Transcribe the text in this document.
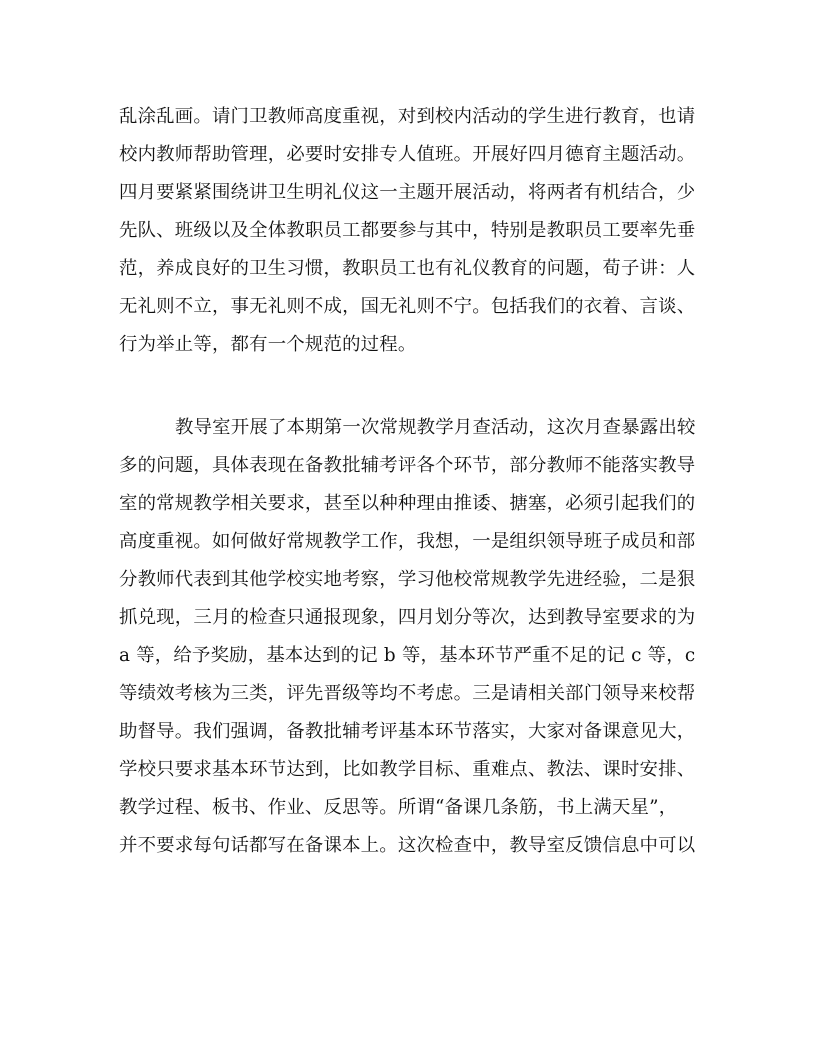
乱涂乱画。请门卫教师高度重视，对到校内活动的学生进行教育，也请
校内教师帮助管理，必要时安排专人值班。开展好四月德育主题活动。
四月要紧紧围绕讲卫生明礼仪这一主题开展活动，将两者有机结合，少
先队、班级以及全体教职员工都要参与其中，特别是教职员工要率先垂
范，养成良好的卫生习惯，教职员工也有礼仪教育的问题，荀子讲：人
无礼则不立，事无礼则不成，国无礼则不宁。包括我们的衣着、言谈、
行为举止等，都有一个规范的过程。
教导室开展了本期第一次常规教学月查活动，这次月查暴露出较
多的问题，具体表现在备教批辅考评各个环节，部分教师不能落实教导
室的常规教学相关要求，甚至以种种理由推诿、搪塞，必须引起我们的
高度重视。如何做好常规教学工作，我想，一是组织领导班子成员和部
分教师代表到其他学校实地考察，学习他校常规教学先进经验，二是狠
抓兑现，三月的检查只通报现象，四月划分等次，达到教导室要求的为
a 等，给予奖励，基本达到的记 b 等，基本环节严重不足的记 c 等，c
等绩效考核为三类，评先晋级等均不考虑。三是请相关部门领导来校帮
助督导。我们强调，备教批辅考评基本环节落实，大家对备课意见大，
学校只要求基本环节达到，比如教学目标、重难点、教法、课时安排、
教学过程、板书、作业、反思等。所谓“备课几条筋，书上满天星”，
并不要求每句话都写在备课本上。这次检查中，教导室反馈信息中可以
